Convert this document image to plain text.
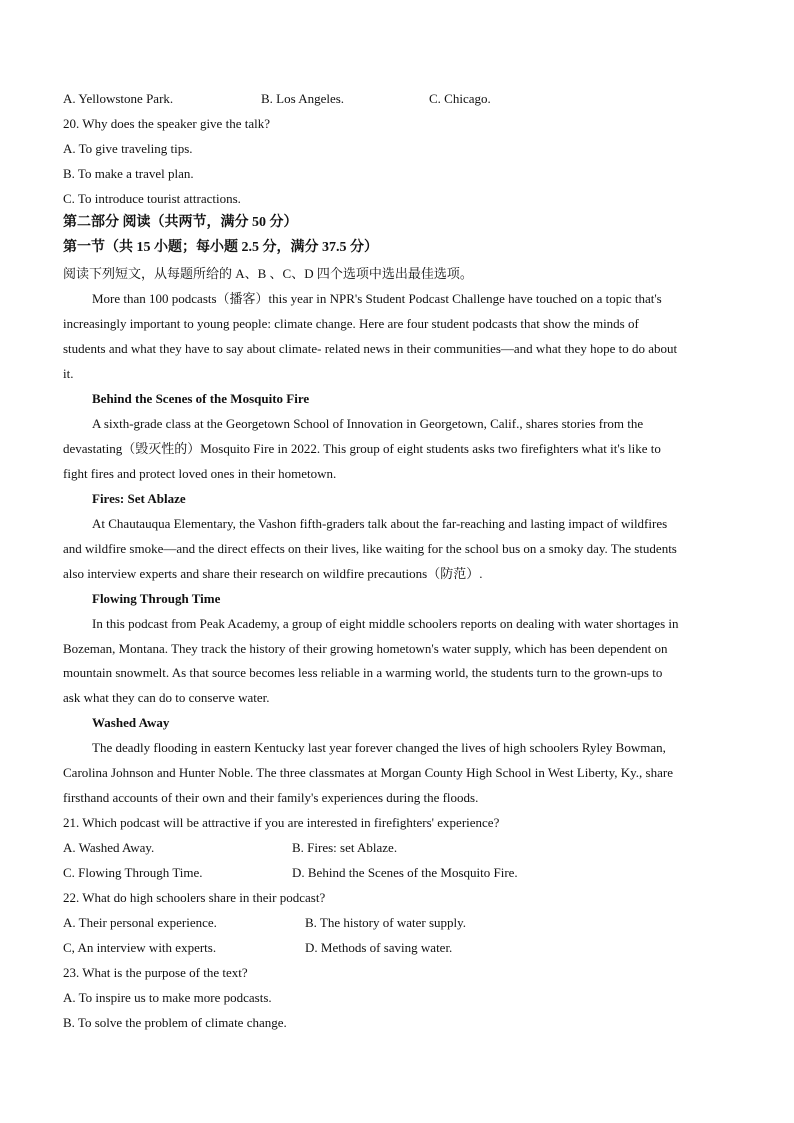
A. Yellowstone Park.	B. Los Angeles.	C. Chicago.
20. Why does the speaker give the talk?
A. To give traveling tips.
B. To make a travel plan.
C. To introduce tourist attractions.
第二部分 阅读（共两节，满分 50 分）
第一节（共 15 小题；每小题 2.5 分，满分 37.5 分）
阅读下列短文，从每题所给的 A、B 、C、D 四个选项中选出最佳选项。
More than 100 podcasts（播客）this year in NPR's Student Podcast Challenge have touched on a topic that's
increasingly important to young people: climate change. Here are four student podcasts that show the minds of
students and what they have to say about climate- related news in their communities—and what they hope to do about
it.
Behind the Scenes of the Mosquito Fire
A sixth-grade class at the Georgetown School of Innovation in Georgetown, Calif., shares stories from the
devastating（毁灭性的）Mosquito Fire in 2022. This group of eight students asks two firefighters what it's like to
fight fires and protect loved ones in their hometown.
Fires: Set Ablaze
At Chautauqua Elementary, the Vashon fifth-graders talk about the far-reaching and lasting impact of wildfires
and wildfire smoke—and the direct effects on their lives, like waiting for the school bus on a smoky day. The students
also interview experts and share their research on wildfire precautions（防范）.
Flowing Through Time
In this podcast from Peak Academy, a group of eight middle schoolers reports on dealing with water shortages in
Bozeman, Montana. They track the history of their growing hometown's water supply, which has been dependent on
mountain snowmelt. As that source becomes less reliable in a warming world, the students turn to the grown-ups to
ask what they can do to conserve water.
Washed Away
The deadly flooding in eastern Kentucky last year forever changed the lives of high schoolers Ryley Bowman,
Carolina Johnson and Hunter Noble. The three classmates at Morgan County High School in West Liberty, Ky., share
firsthand accounts of their own and their family's experiences during the floods.
21. Which podcast will be attractive if you are interested in firefighters' experience?
A. Washed Away.	B. Fires: set Ablaze.
C. Flowing Through Time.	D. Behind the Scenes of the Mosquito Fire.
22. What do high schoolers share in their podcast?
A. Their personal experience.	B. The history of water supply.
C, An interview with experts.	D. Methods of saving water.
23. What is the purpose of the text?
A. To inspire us to make more podcasts.
B. To solve the problem of climate change.
